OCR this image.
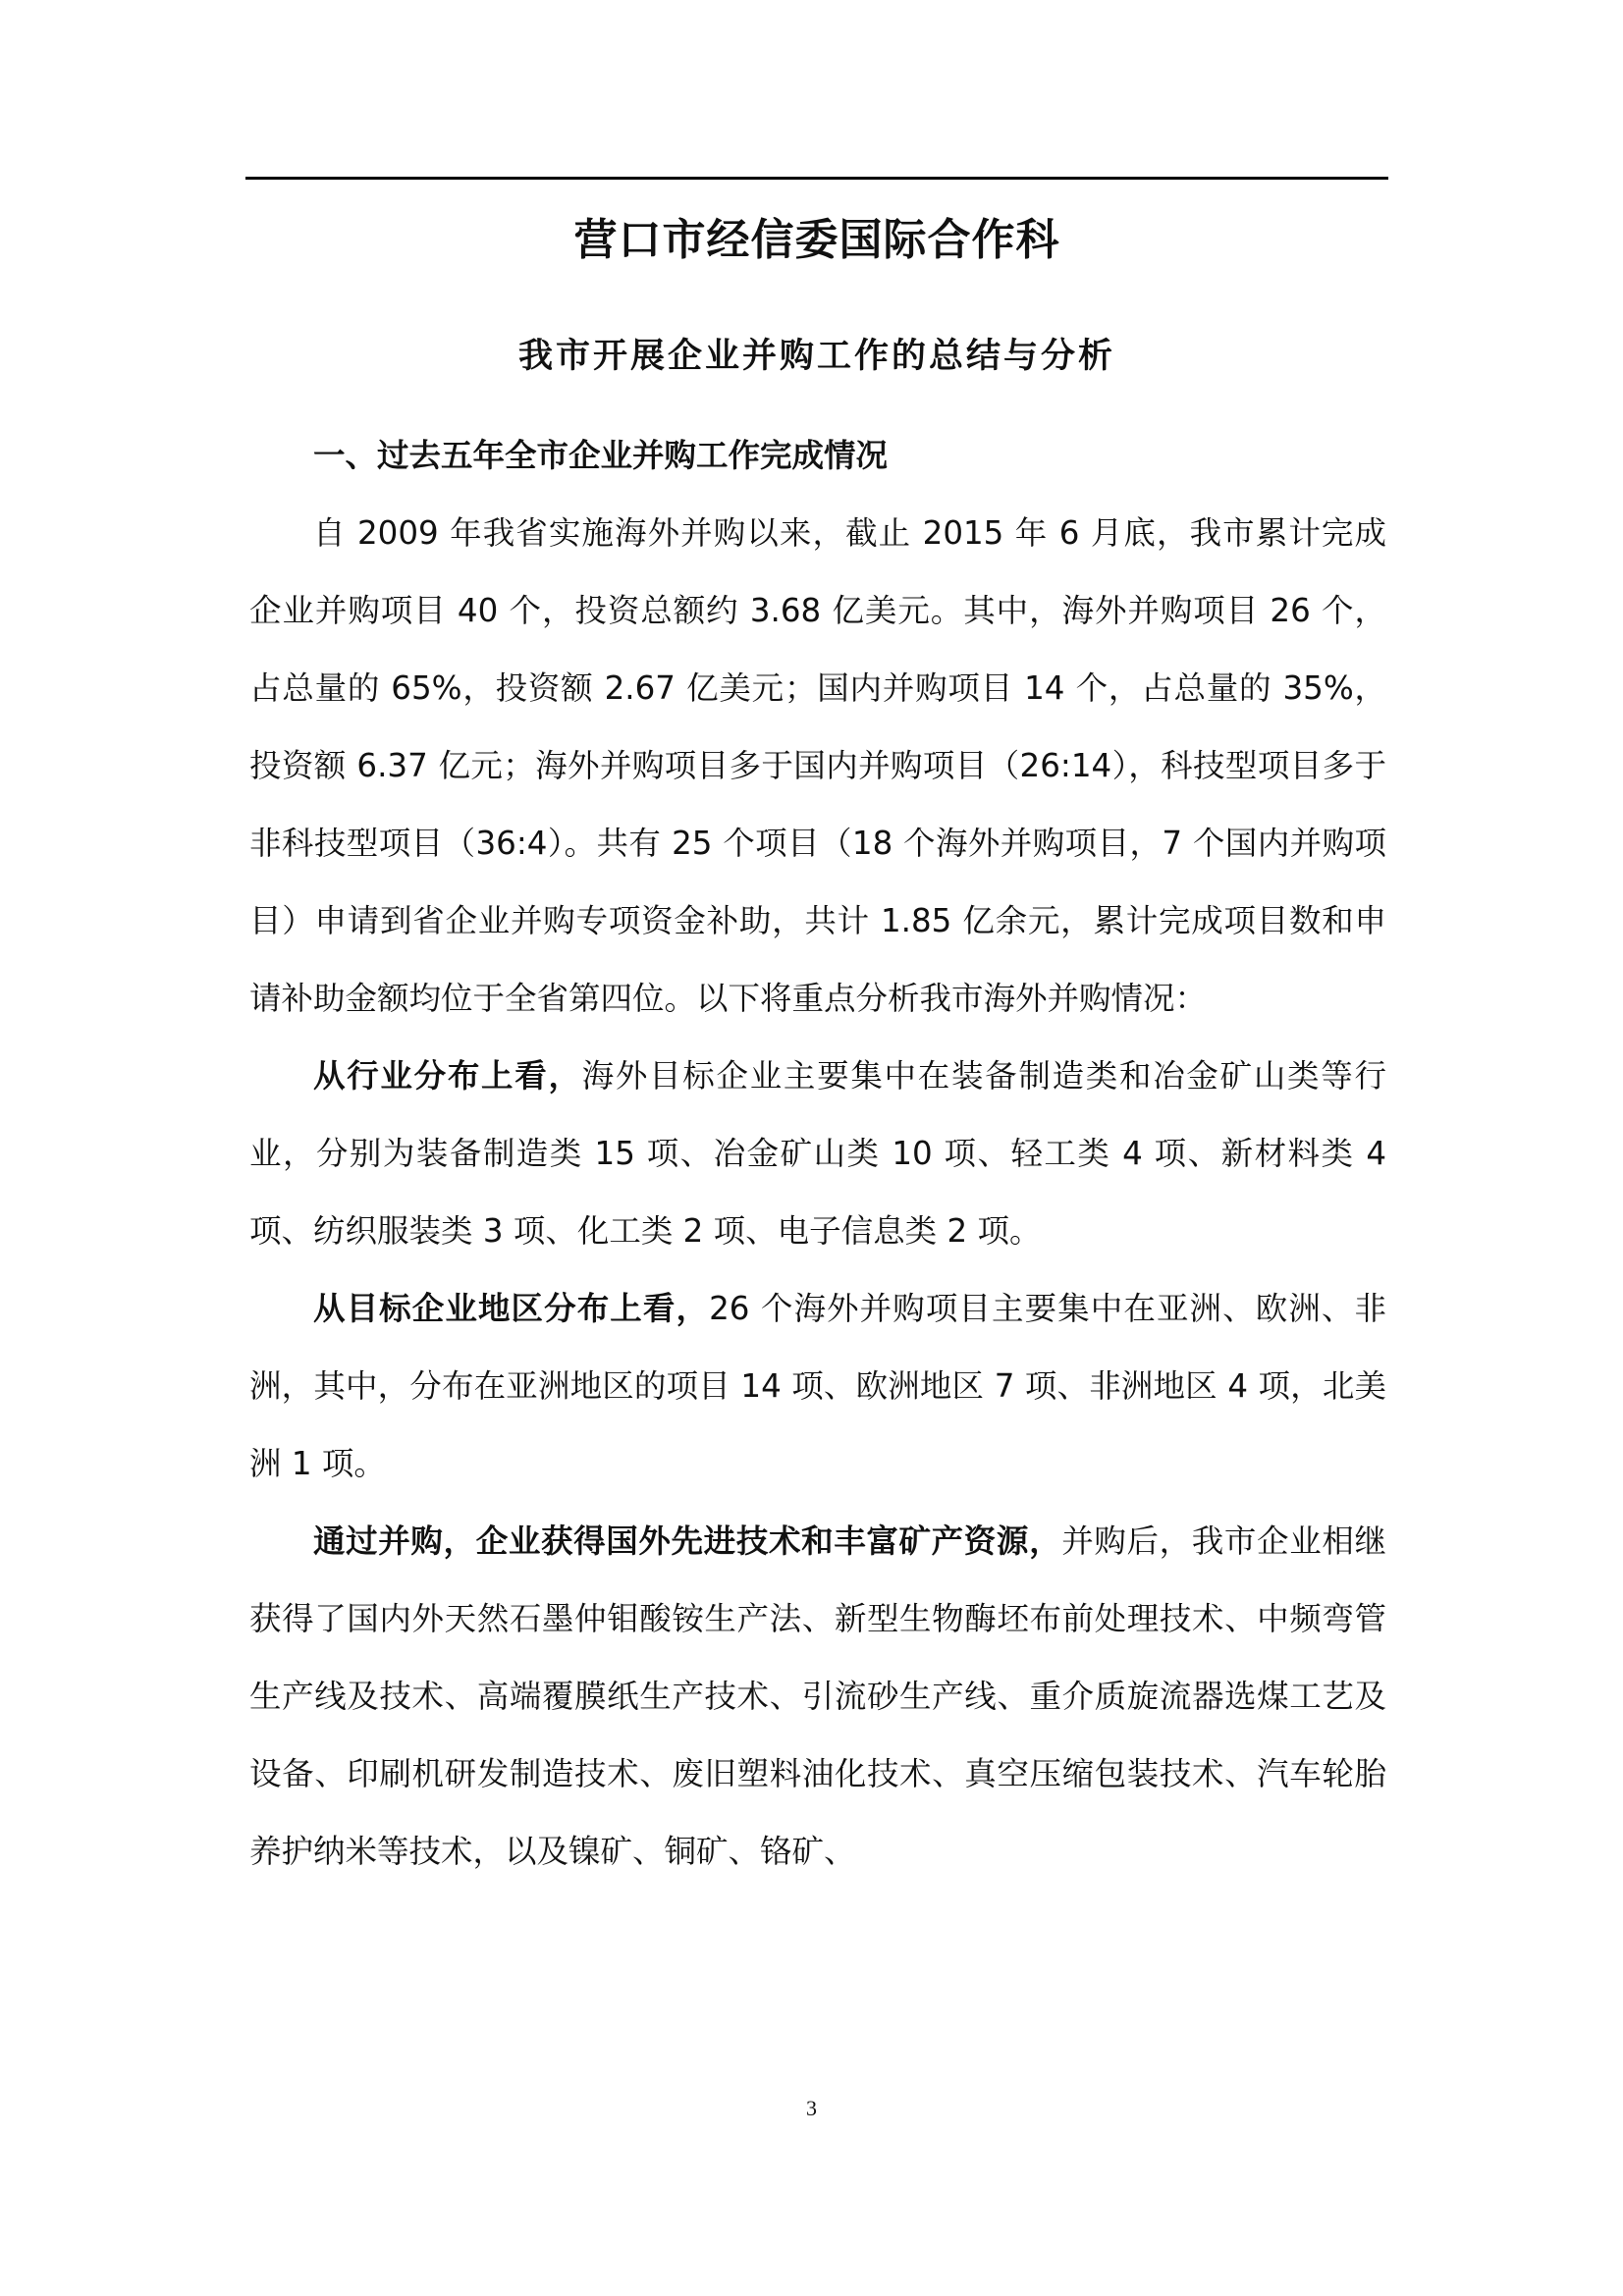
营口市经信委国际合作科
我市开展企业并购工作的总结与分析

一、过去五年全市企业并购工作完成情况

自 2009 年我省实施海外并购以来，截止 2015 年 6 月底，我市累计完成企业并购项目 40 个，投资总额约 3.68 亿美元。其中，海外并购项目 26 个，占总量的 65%，投资额 2.67 亿美元；国内并购项目 14 个，占总量的 35%，投资额 6.37 亿元；海外并购项目多于国内并购项目（26:14），科技型项目多于非科技型项目（36:4）。共有 25 个项目（18 个海外并购项目，7 个国内并购项目）申请到省企业并购专项资金补助，共计 1.85 亿余元，累计完成项目数和申请补助金额均位于全省第四位。以下将重点分析我市海外并购情况：

从行业分布上看，海外目标企业主要集中在装备制造类和冶金矿山类等行业，分别为装备制造类 15 项、冶金矿山类 10 项、轻工类 4 项、新材料类 4 项、纺织服装类 3 项、化工类 2 项、电子信息类 2 项。

从目标企业地区分布上看，26 个海外并购项目主要集中在亚洲、欧洲、非洲，其中，分布在亚洲地区的项目 14 项、欧洲地区 7 项、非洲地区 4 项，北美洲 1 项。

通过并购，企业获得国外先进技术和丰富矿产资源，并购后，我市企业相继获得了国内外天然石墨仲钼酸铵生产法、新型生物酶坯布前处理技术、中频弯管生产线及技术、高端覆膜纸生产技术、引流砂生产线、重介质旋流器选煤工艺及设备、印刷机研发制造技术、废旧塑料油化技术、真空压缩包装技术、汽车轮胎养护纳米等技术，以及镍矿、铜矿、铬矿、

3
